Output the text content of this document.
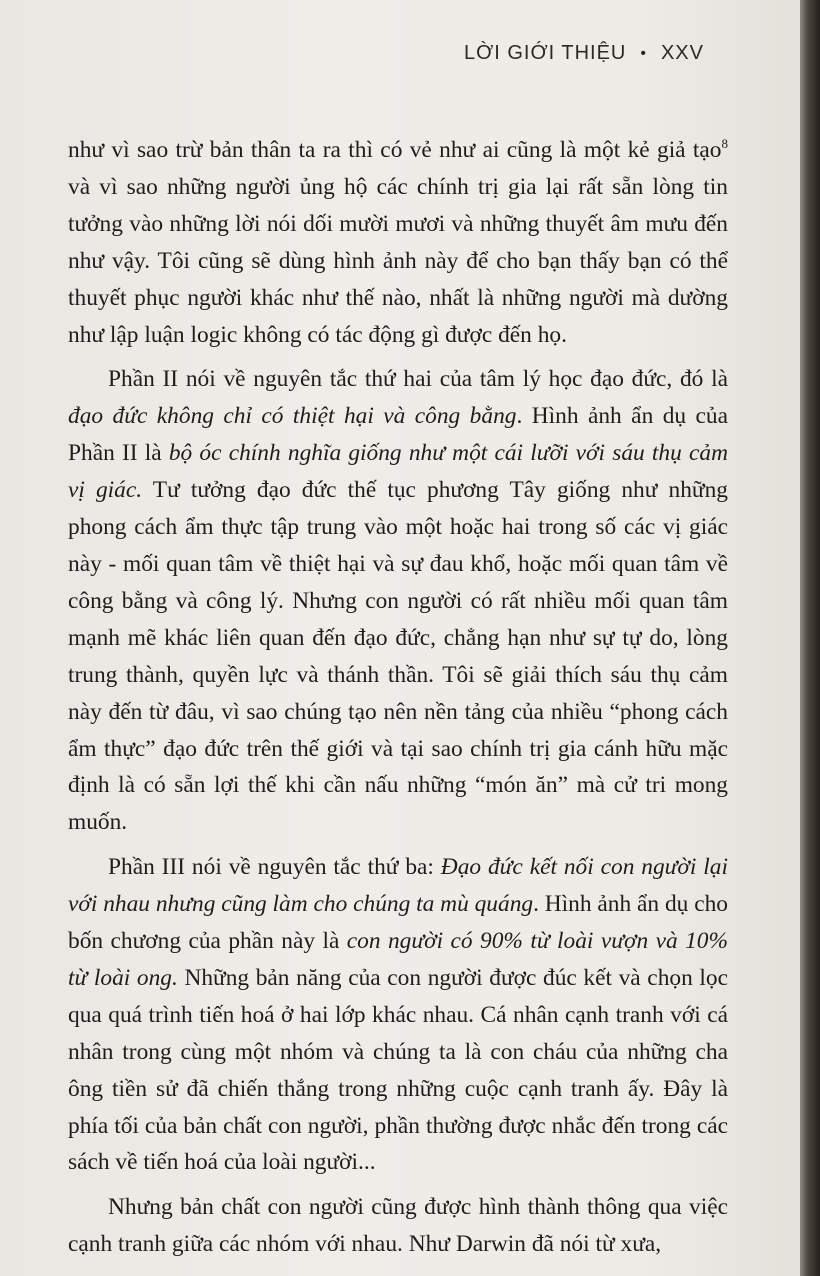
LỜI GIỚI THIỆU • XXV

như vì sao trừ bản thân ta ra thì có vẻ như ai cũng là một kẻ giả tạo$^8$ và vì sao những người ủng hộ các chính trị gia lại rất sẵn lòng tin tưởng vào những lời nói dối mười mươi và những thuyết âm mưu đến như vậy. Tôi cũng sẽ dùng hình ảnh này để cho bạn thấy bạn có thể thuyết phục người khác như thế nào, nhất là những người mà dường như lập luận logic không có tác động gì được đến họ.

Phần II nói về nguyên tắc thứ hai của tâm lý học đạo đức, đó là đạo đức không chỉ có thiệt hại và công bằng. Hình ảnh ẩn dụ của Phần II là bộ óc chính nghĩa giống như một cái lưỡi với sáu thụ cảm vị giác. Tư tưởng đạo đức thế tục phương Tây giống như những phong cách ẩm thực tập trung vào một hoặc hai trong số các vị giác này - mối quan tâm về thiệt hại và sự đau khổ, hoặc mối quan tâm về công bằng và công lý. Nhưng con người có rất nhiều mối quan tâm mạnh mẽ khác liên quan đến đạo đức, chẳng hạn như sự tự do, lòng trung thành, quyền lực và thánh thần. Tôi sẽ giải thích sáu thụ cảm này đến từ đâu, vì sao chúng tạo nên nền tảng của nhiều “phong cách ẩm thực” đạo đức trên thế giới và tại sao chính trị gia cánh hữu mặc định là có sẵn lợi thế khi cần nấu những “món ăn” mà cử tri mong muốn.

Phần III nói về nguyên tắc thứ ba: Đạo đức kết nối con người lại với nhau nhưng cũng làm cho chúng ta mù quáng. Hình ảnh ẩn dụ cho bốn chương của phần này là con người có 90% từ loài vượn và 10% từ loài ong. Những bản năng của con người được đúc kết và chọn lọc qua quá trình tiến hoá ở hai lớp khác nhau. Cá nhân cạnh tranh với cá nhân trong cùng một nhóm và chúng ta là con cháu của những cha ông tiền sử đã chiến thắng trong những cuộc cạnh tranh ấy. Đây là phía tối của bản chất con người, phần thường được nhắc đến trong các sách về tiến hoá của loài người...

Nhưng bản chất con người cũng được hình thành thông qua việc cạnh tranh giữa các nhóm với nhau. Như Darwin đã nói từ xưa,
